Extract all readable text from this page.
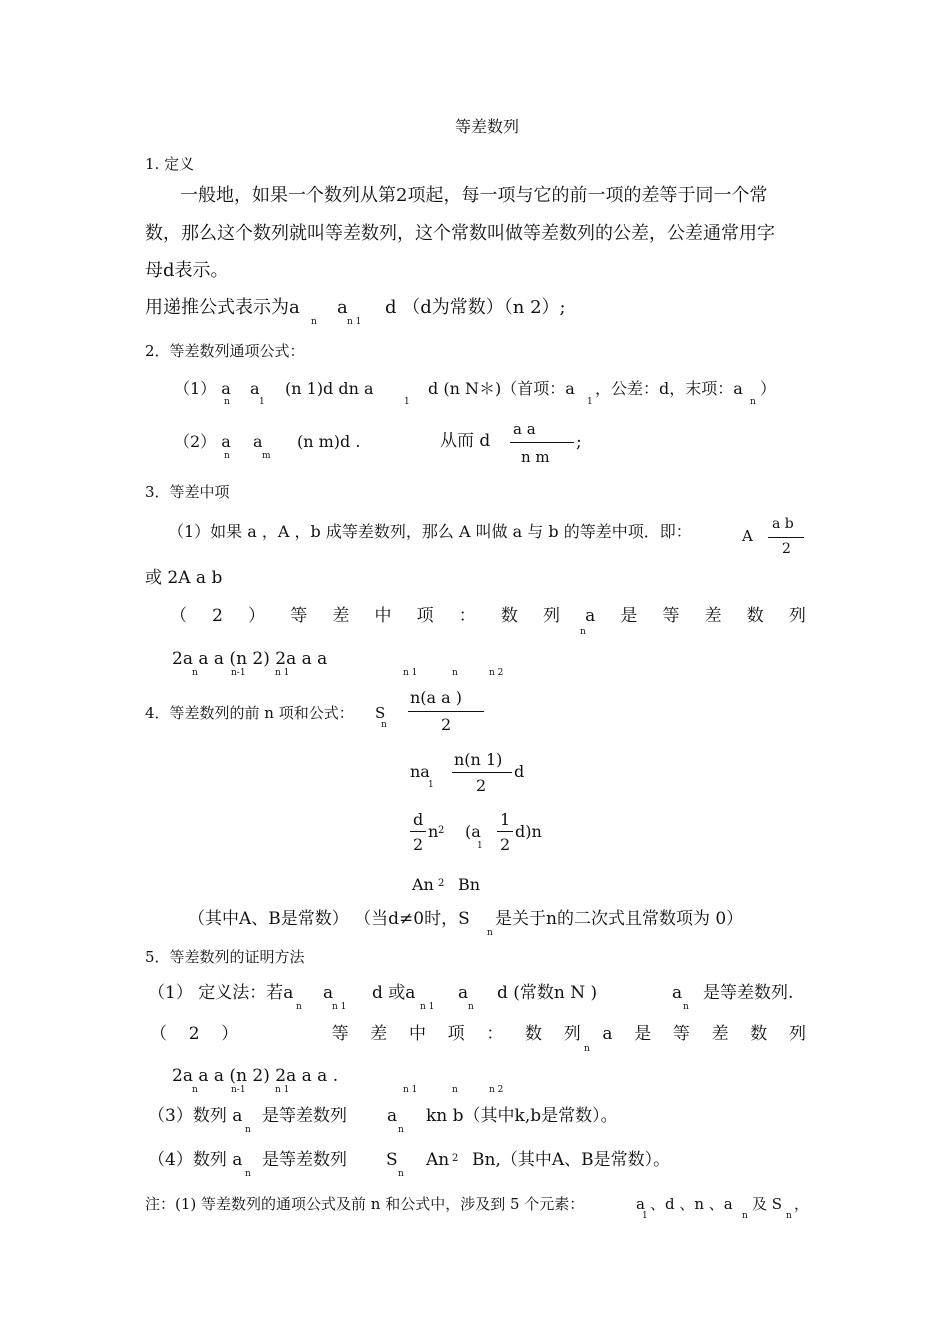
等差数列
1. 定义
一般地，如果一个数列从第2项起，每一项与它的前一项的差等于同一个常
数，那么这个数列就叫等差数列，这个常数叫做等差数列的公差，公差通常用字
母d表示。
用递推公式表示为a
n
a
n 1
d （d为常数）（n 2）;
2．等差数列通项公式：
（1） a
n
a
1
(n 1)d dn a
1
d (n N＊)（首项：a
1
，公差：d，末项：a
n
）
（2） a
n
a
m
(n m)d .	从而 d
a a
n m
;
3．等差中项
（1）如果 a ，A ，b 成等差数列，那么 A 叫做 a 与 b 的等差中项．即：	A
a b
2
或 2A a b
（ 2 ） 等 差 中 项 ： 数 列 a 是 等 差 数 列
n
2a a a (n 2) 2a a a
n	n-1	n 1	n 1	n	n 2
4．等差数列的前 n 项和公式： S
n
n(a a )
2
na
1
n(n 1)
2
d
d
2
n 2 (a
1
1
2
d)n
An 2 Bn
（其中A、B是常数） （当d≠0时，S
n
是关于n的二次式且常数项为 0）
5．等差数列的证明方法
（1） 定义法：若a
n
a
n 1
d 或a
n 1
a
n
d (常数n N )	a
n
是等差数列.
（ 2 ）	等 差 中 项 ： 数 列 a 是 等 差 数 列
n
2a a a (n 2) 2a a a .
n	n-1	n 1	n 1	n	n 2
（3）数列 a
n
是等差数列 a
n
kn b（其中k,b是常数）。
（4）数列 a
n
是等差数列 S
n
An 2 Bn,（其中A、B是常数）。
注：(1) 等差数列的通项公式及前 n 和公式中，涉及到 5 个元素：	a
1
、d 、n 、a
n
及 S
n
，
